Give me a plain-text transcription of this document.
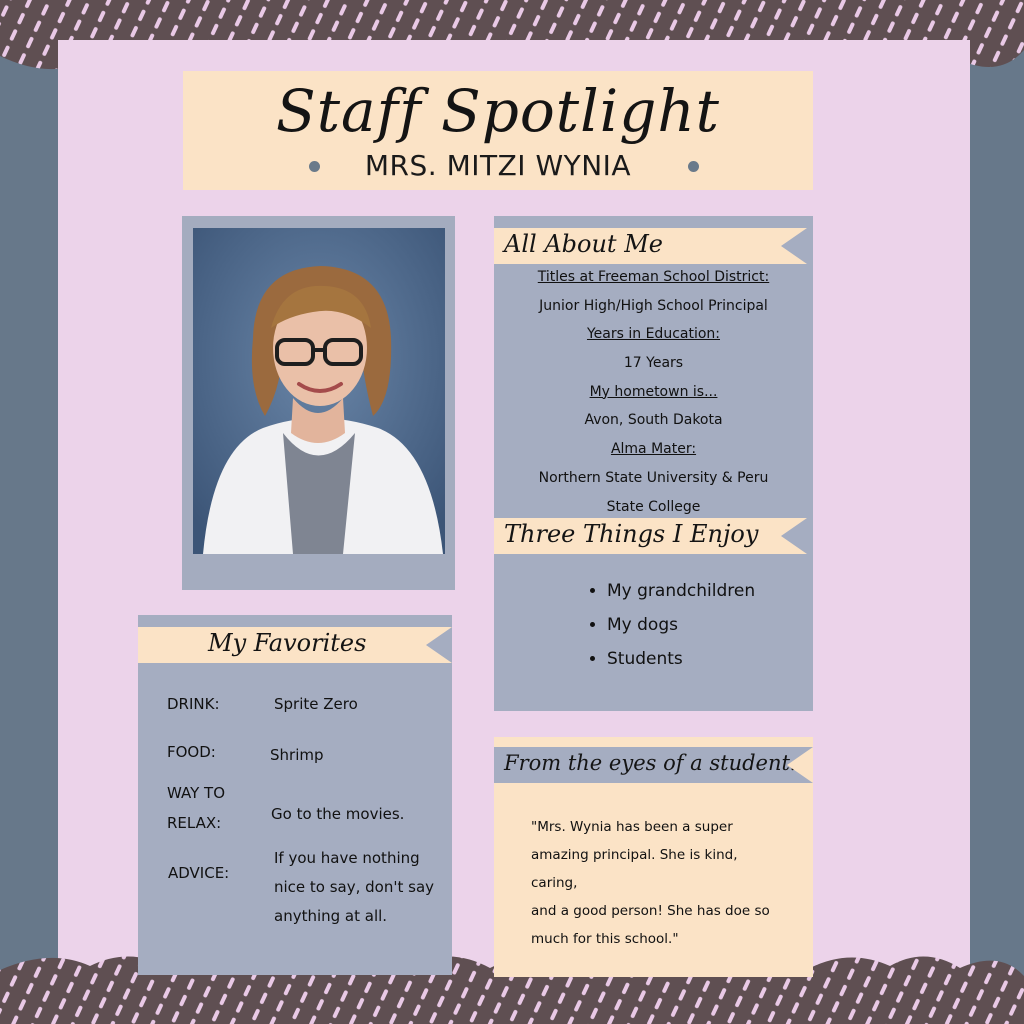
Staff Spotlight
MRS. MITZI WYNIA
All About Me
Titles at Freeman School District:
Junior High/High School Principal
Years in Education:
17 Years
My hometown is...
Avon, South Dakota
Alma Mater:
Northern State University & Peru
State College
Three Things I Enjoy
• My grandchildren
• My dogs
• Students
My Favorites
DRINK:	Sprite Zero
FOOD:	Shrimp
WAY TO
RELAX:	Go to the movies.
ADVICE:
If you have nothing
nice to say, don't say
anything at all.
From the eyes of a student:
"Mrs. Wynia has been a super
amazing principal. She is kind, caring,
and a good person! She has doe so
much for this school."
